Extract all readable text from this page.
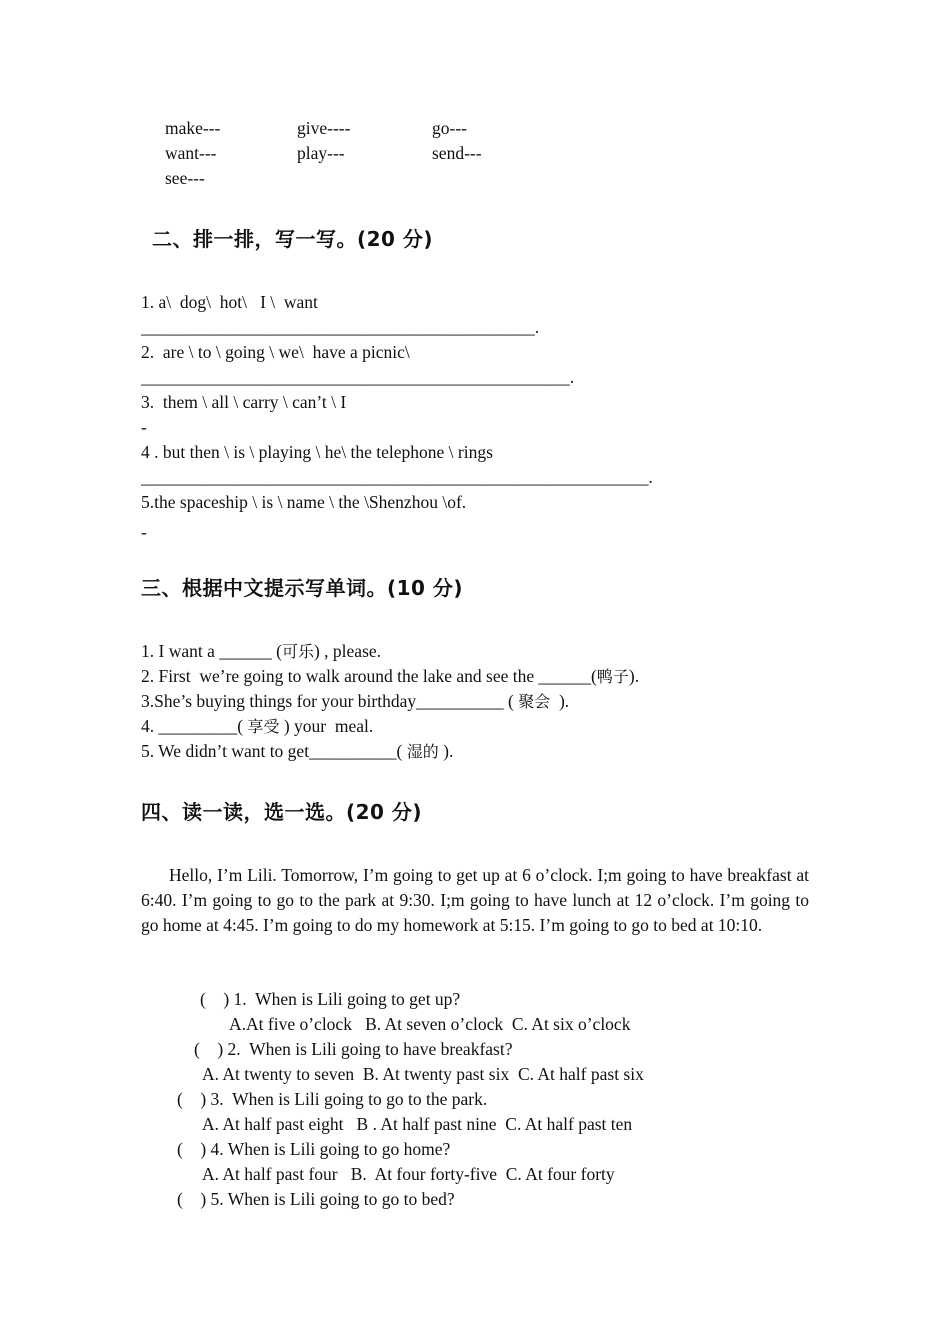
make---	give----	go---
want---	play---	send---
see---
二、排一排，写一写。(20 分)
1. a\  dog\  hot\   I \  want
_____________________________________________.
2.  are \ to \ going \ we\  have a picnic\
_________________________________________________.
3.  them \ all \ carry \ can’t \ I
-
4 . but then \ is \ playing \ he\ the telephone \ rings
__________________________________________________________.
5.the spaceship \ is \ name \ the \Shenzhou \of.
-
三、根据中文提示写单词。(10 分)
1. I want a ______ (可乐) , please.
2. First  we’re going to walk around the lake and see the ______(鸭子).
3.She’s buying things for your birthday__________ ( 聚会  ).
4. _________( 享受 ) your  meal.
5. We didn’t want to get__________( 湿的 ).
四、读一读，选一选。(20 分)
Hello, I’m Lili. Tomorrow, I’m going to get up at 6 o’clock. I;m going to have breakfast at 6:40. I’m going to go to the park at 9:30. I;m going to have lunch at 12 o’clock. I’m going to go home at 4:45. I’m going to do my homework at 5:15. I’m going to go to bed at 10:10.
(    ) 1.  When is Lili going to get up?
A.At five o’clock   B. At seven o’clock  C. At six o’clock
(    ) 2.  When is Lili going to have breakfast?
A. At twenty to seven  B. At twenty past six  C. At half past six
(    ) 3.  When is Lili going to go to the park.
A. At half past eight   B . At half past nine  C. At half past ten
(    ) 4. When is Lili going to go home?
A. At half past four   B.  At four forty-five  C. At four forty
(    ) 5. When is Lili going to go to bed?
